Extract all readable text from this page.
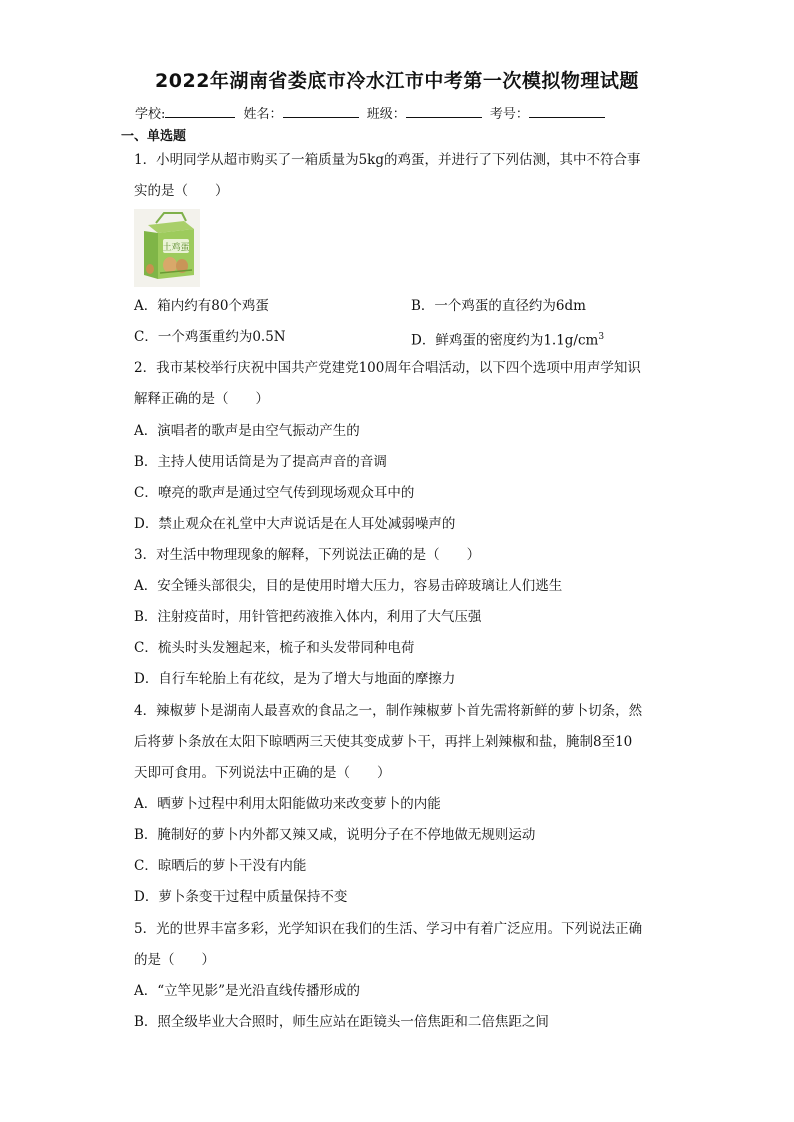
2022年湖南省娄底市冷水江市中考第一次模拟物理试题
学校:	姓名：	班级：	考号：
一、单选题
1．小明同学从超市购买了一箱质量为5kg的鸡蛋，并进行了下列估测，其中不符合事
实的是（　　）
土鸡蛋
A．箱内约有80个鸡蛋	B．一个鸡蛋的直径约为6dm
C．一个鸡蛋重约为0.5N	D．鲜鸡蛋的密度约为$1.1g/cm^3$
2．我市某校举行庆祝中国共产党建党100周年合唱活动，以下四个选项中用声学知识
解释正确的是（　　）
A．演唱者的歌声是由空气振动产生的
B．主持人使用话筒是为了提高声音的音调
C．嘹亮的歌声是通过空气传到现场观众耳中的
D．禁止观众在礼堂中大声说话是在人耳处减弱噪声的
3．对生活中物理现象的解释，下列说法正确的是（　　）
A．安全锤头部很尖，目的是使用时增大压力，容易击碎玻璃让人们逃生
B．注射疫苗时，用针管把药液推入体内，利用了大气压强
C．梳头时头发翘起来，梳子和头发带同种电荷
D．自行车轮胎上有花纹，是为了增大与地面的摩擦力
4．辣椒萝卜是湖南人最喜欢的食品之一，制作辣椒萝卜首先需将新鲜的萝卜切条，然
后将萝卜条放在太阳下晾晒两三天使其变成萝卜干，再拌上剁辣椒和盐，腌制8至10
天即可食用。下列说法中正确的是（　　）
A．晒萝卜过程中利用太阳能做功来改变萝卜的内能
B．腌制好的萝卜内外都又辣又咸，说明分子在不停地做无规则运动
C．晾晒后的萝卜干没有内能
D．萝卜条变干过程中质量保持不变
5．光的世界丰富多彩，光学知识在我们的生活、学习中有着广泛应用。下列说法正确
的是（　　）
A．“立竿见影”是光沿直线传播形成的
B．照全级毕业大合照时，师生应站在距镜头一倍焦距和二倍焦距之间
